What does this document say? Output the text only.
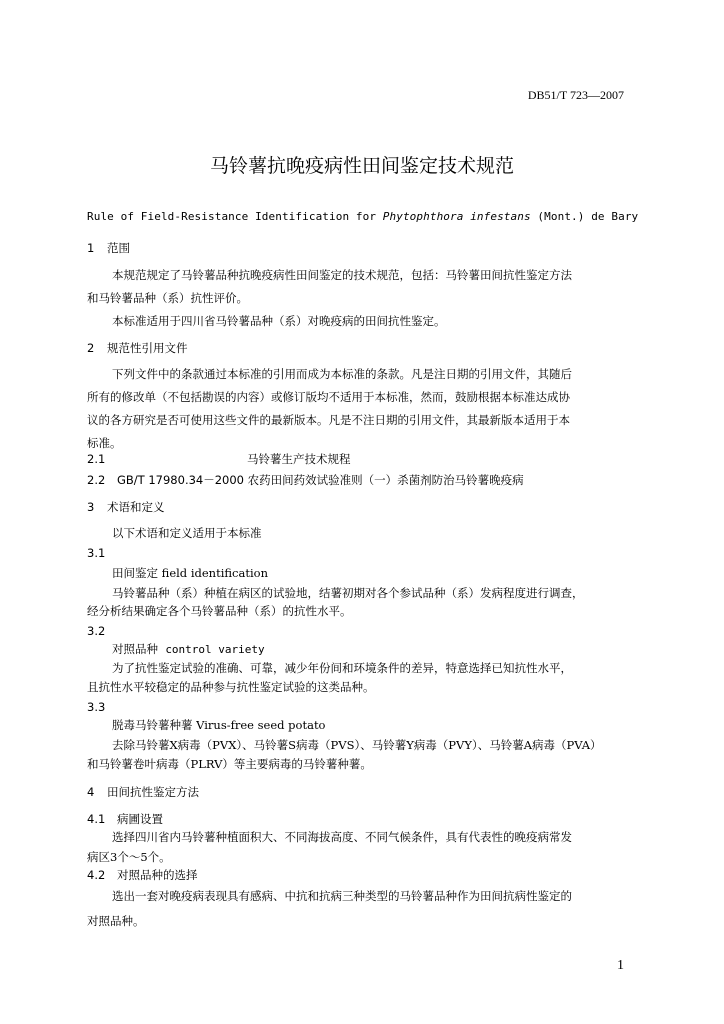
DB51/T 723—2007
马铃薯抗晚疫病性田间鉴定技术规范
Rule of Field-Resistance Identification for Phytophthora infestans (Mont.) de Bary
1 范围
本规范规定了马铃薯品种抗晚疫病性田间鉴定的技术规范，包括：马铃薯田间抗性鉴定方法
和马铃薯品种（系）抗性评价。
本标准适用于四川省马铃薯品种（系）对晚疫病的田间抗性鉴定。
2 规范性引用文件
下列文件中的条款通过本标准的引用而成为本标准的条款。凡是注日期的引用文件，其随后
所有的修改单（不包括勘误的内容）或修订版均不适用于本标准，然而，鼓励根据本标准达成协
议的各方研究是否可使用这些文件的最新版本。凡是不注日期的引用文件，其最新版本适用于本
标准。
2.1	马铃薯生产技术规程
2.2 GB/T 17980.34－2000 农药田间药效试验准则（一）杀菌剂防治马铃薯晚疫病
3 术语和定义
以下术语和定义适用于本标准
3.1
田间鉴定 field identification
马铃薯品种（系）种植在病区的试验地，结薯初期对各个参试品种（系）发病程度进行调查，
经分析结果确定各个马铃薯品种（系）的抗性水平。
3.2
对照品种 control variety
为了抗性鉴定试验的准确、可靠，减少年份间和环境条件的差异，特意选择已知抗性水平，
且抗性水平较稳定的品种参与抗性鉴定试验的这类品种。
3.3
脱毒马铃薯种薯 Virus-free seed potato
去除马铃薯X病毒（PVX）、马铃薯S病毒（PVS）、马铃薯Y病毒（PVY）、马铃薯A病毒（PVA）
和马铃薯卷叶病毒（PLRV）等主要病毒的马铃薯种薯。
4 田间抗性鉴定方法
4.1 病圃设置
选择四川省内马铃薯种植面积大、不同海拔高度、不同气候条件，具有代表性的晚疫病常发
病区3个～5个。
4.2 对照品种的选择
选出一套对晚疫病表现具有感病、中抗和抗病三种类型的马铃薯品种作为田间抗病性鉴定的
对照品种。
1
